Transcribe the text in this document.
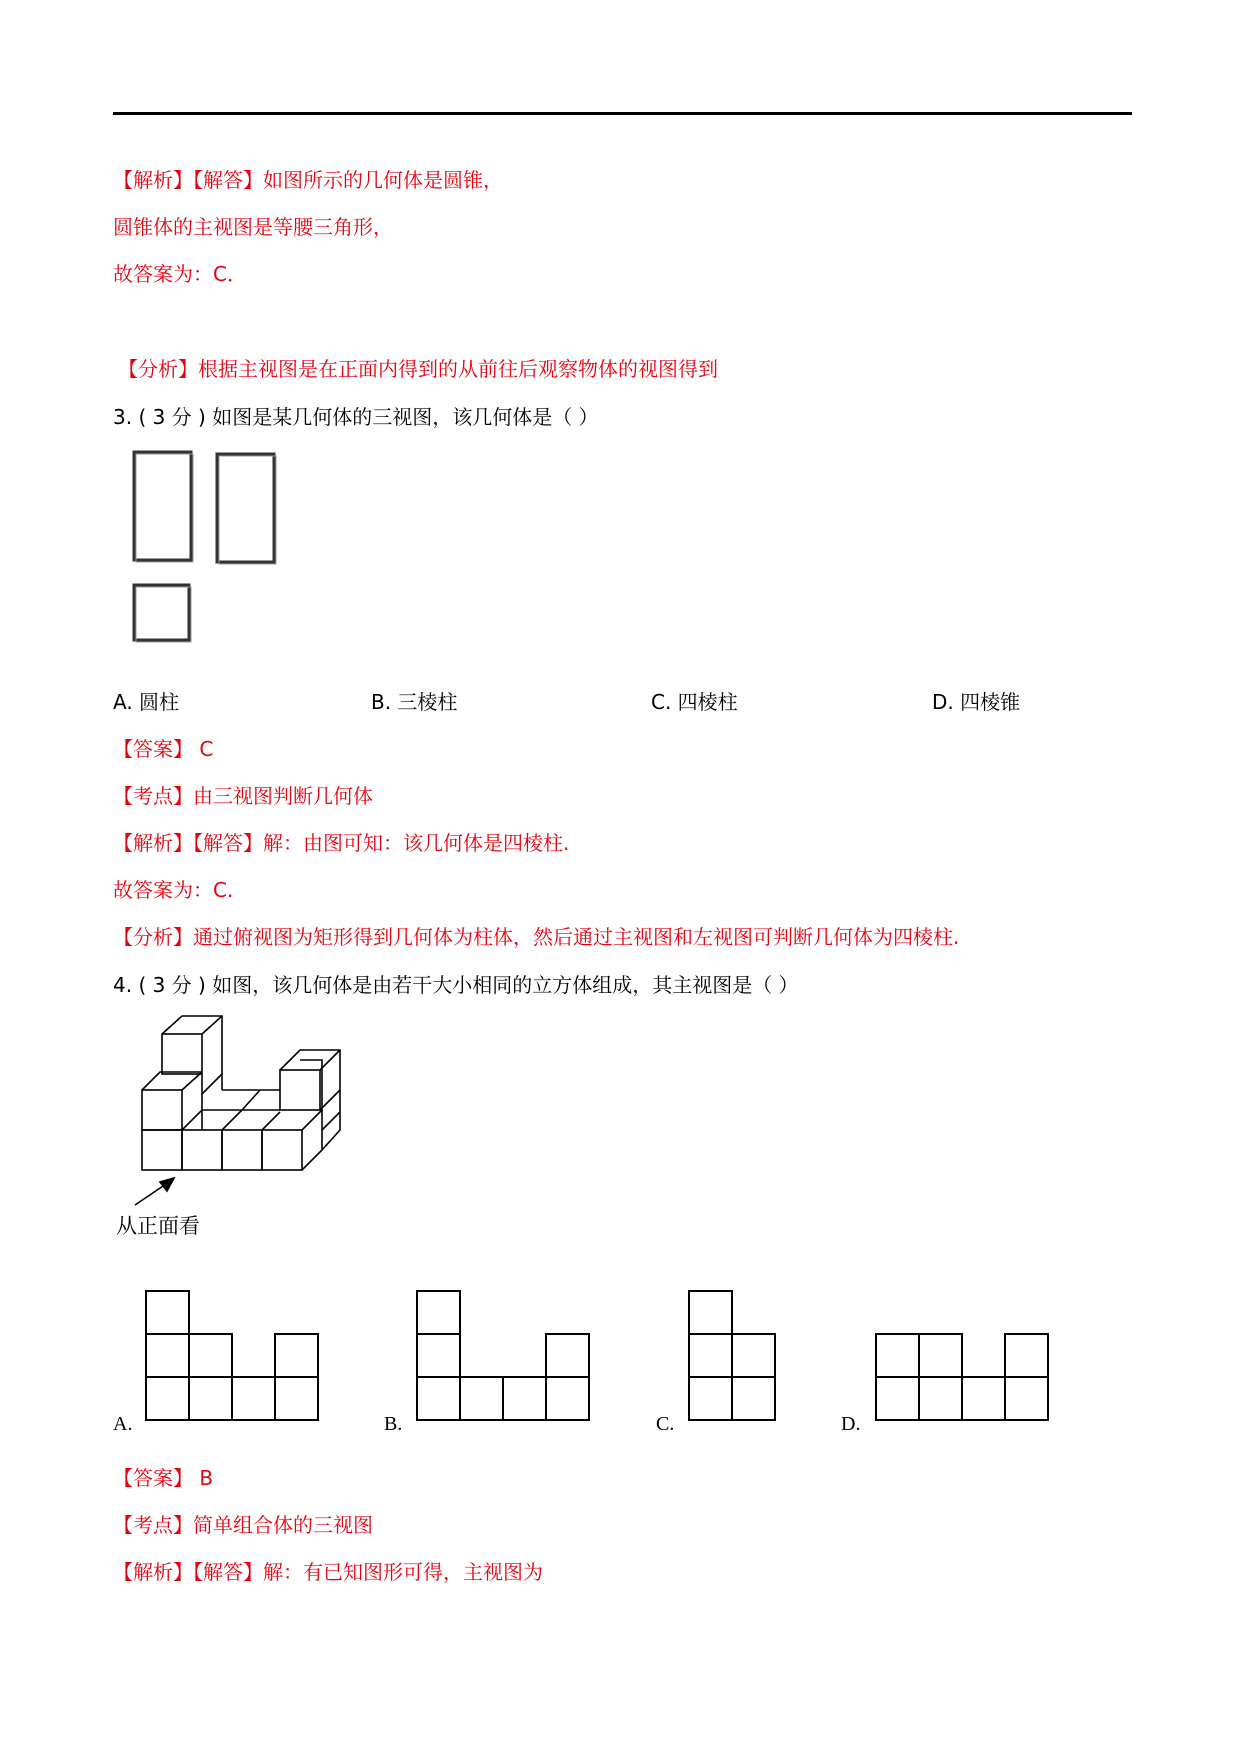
【解析】【解答】如图所示的几何体是圆锥，
圆锥体的主视图是等腰三角形，
故答案为：C．
【分析】根据主视图是在正面内得到的从前往后观察物体的视图得到
3. ( 3 分 ) 如图是某几何体的三视图，该几何体是（ ）
A. 圆柱	B. 三棱柱	C. 四棱柱	D. 四棱锥
【答案】 C
【考点】由三视图判断几何体
【解析】【解答】解：由图可知：该几何体是四棱柱.
故答案为：C.
【分析】通过俯视图为矩形得到几何体为柱体，然后通过主视图和左视图可判断几何体为四棱柱.
4. ( 3 分 ) 如图，该几何体是由若干大小相同的立方体组成，其主视图是（ ）
从正面看
A.	B.	C.	D.
【答案】 B
【考点】简单组合体的三视图
【解析】【解答】解：有已知图形可得，主视图为
